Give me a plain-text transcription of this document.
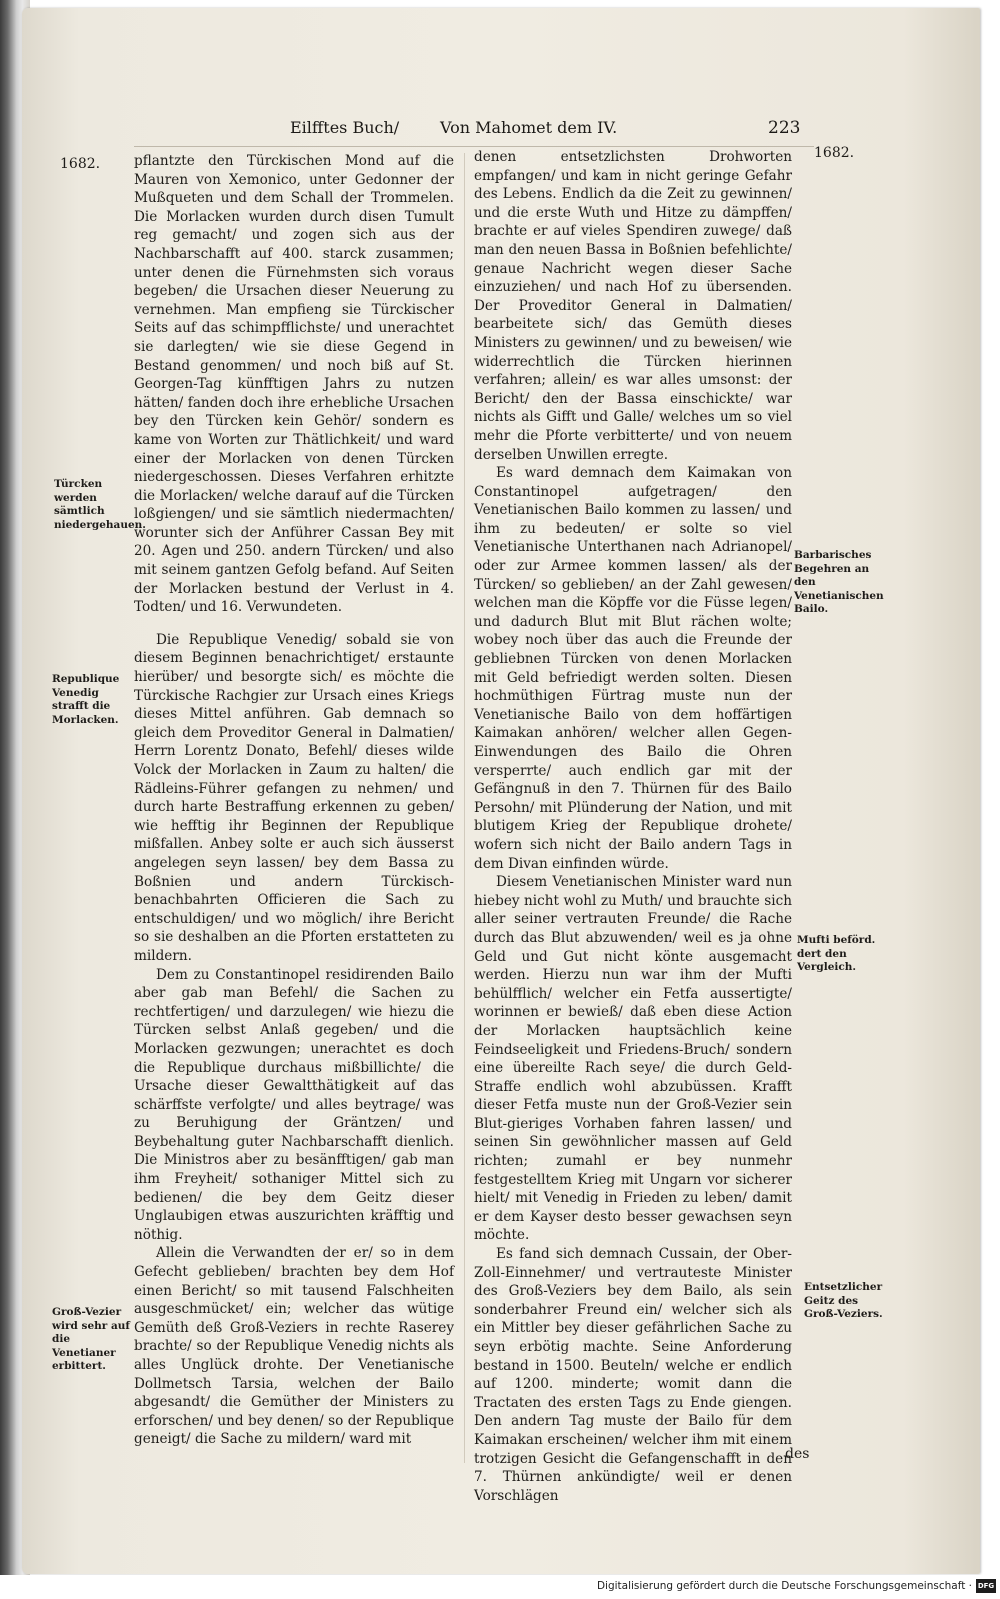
Eilfftes Buch/	Von Mahomet dem IV.	223
1682.
1682.

pflantzte den Türckischen Mond auf die Mauren von Xemonico, unter Gedonner der Mußqueten und dem Schall der Trommelen. Die Morlacken wurden durch disen Tumult reg gemacht/ und zogen sich aus der Nachbarschafft auf 400. starck zusammen; unter denen die Fürnehmsten sich voraus begeben/ die Ursachen dieser Neuerung zu vernehmen. Man empfieng sie Türckischer Seits auf das schimpfflichste/ und unerachtet sie darlegten/ wie sie diese Gegend in Bestand genommen/ und noch biß auf St. Georgen-Tag künfftigen Jahrs zu nutzen hätten/ fanden doch ihre erhebliche Ursachen bey den Türcken kein Gehör/ sondern es kame von Worten zur Thätlichkeit/ und ward einer der Morlacken von denen Türcken niedergeschossen. Dieses Verfahren erhitzte die Morlacken/ welche darauf auf die Türcken loßgiengen/ und sie sämtlich niedermachten/ worunter sich der Anführer Cassan Bey mit 20. Agen und 250. andern Türcken/ und also mit seinem gantzen Gefolg befand. Auf Seiten der Morlacken bestund der Verlust in 4. Todten/ und 16. Verwundeten.

Die Republique Venedig/ sobald sie von diesem Beginnen benachrichtiget/ erstaunte hierüber/ und besorgte sich/ es möchte die Türckische Rachgier zur Ursach eines Kriegs dieses Mittel anführen. Gab demnach so gleich dem Proveditor General in Dalmatien/ Herrn Lorentz Donato, Befehl/ dieses wilde Volck der Morlacken in Zaum zu halten/ die Rädleins-Führer gefangen zu nehmen/ und durch harte Bestraffung erkennen zu geben/ wie hefftig ihr Beginnen der Republique mißfallen. Anbey solte er auch sich äusserst angelegen seyn lassen/ bey dem Bassa zu Boßnien und andern Türckisch-benachbahrten Officieren die Sach zu entschuldigen/ und wo möglich/ ihre Bericht so sie deshalben an die Pforten erstatteten zu mildern.

Dem zu Constantinopel residirenden Bailo aber gab man Befehl/ die Sachen zu rechtfertigen/ und darzulegen/ wie hiezu die Türcken selbst Anlaß gegeben/ und die Morlacken gezwungen; unerachtet es doch die Republique durchaus mißbillichte/ die Ursache dieser Gewaltthätigkeit auf das schärffste verfolgte/ und alles beytrage/ was zu Beruhigung der Gräntzen/ und Beybehaltung guter Nachbarschafft dienlich. Die Ministros aber zu besänfftigen/ gab man ihm Freyheit/ sothaniger Mittel sich zu bedienen/ die bey dem Geitz dieser Unglaubigen etwas auszurichten kräfftig und nöthig.

Allein die Verwandten der er/ so in dem Gefecht geblieben/ brachten bey dem Hof einen Bericht/ so mit tausend Falschheiten ausgeschmücket/ ein; welcher das wütige Gemüth deß Groß-Veziers in rechte Raserey brachte/ so der Republique Venedig nichts als alles Unglück drohte. Der Venetianische Dollmetsch Tarsia, welchen der Bailo abgesandt/ die Gemüther der Ministers zu erforschen/ und bey denen/ so der Republique geneigt/ die Sache zu mildern/ ward mit

denen entsetzlichsten Drohworten empfangen/ und kam in nicht geringe Gefahr des Lebens. Endlich da die Zeit zu gewinnen/ und die erste Wuth und Hitze zu dämpffen/ brachte er auf vieles Spendiren zuwege/ daß man den neuen Bassa in Boßnien befehlichte/ genaue Nachricht wegen dieser Sache einzuziehen/ und nach Hof zu übersenden. Der Proveditor General in Dalmatien/ bearbeitete sich/ das Gemüth dieses Ministers zu gewinnen/ und zu beweisen/ wie widerrechtlich die Türcken hierinnen verfahren; allein/ es war alles umsonst: der Bericht/ den der Bassa einschickte/ war nichts als Gifft und Galle/ welches um so viel mehr die Pforte verbitterte/ und von neuem derselben Unwillen erregte.

Es ward demnach dem Kaimakan von Constantinopel aufgetragen/ den Venetianischen Bailo kommen zu lassen/ und ihm zu bedeuten/ er solte so viel Venetianische Unterthanen nach Adrianopel/ oder zur Armee kommen lassen/ als der Türcken/ so geblieben/ an der Zahl gewesen/ welchen man die Köpffe vor die Füsse legen/ und dadurch Blut mit Blut rächen wolte; wobey noch über das auch die Freunde der gebliebnen Türcken von denen Morlacken mit Geld befriedigt werden solten. Diesen hochmüthigen Fürtrag muste nun der Venetianische Bailo von dem hoffärtigen Kaimakan anhören/ welcher allen Gegen-Einwendungen des Bailo die Ohren versperrte/ auch endlich gar mit der Gefängnuß in den 7. Thürnen für des Bailo Persohn/ mit Plünderung der Nation, und mit blutigem Krieg der Republique drohete/ wofern sich nicht der Bailo andern Tags in dem Divan einfinden würde.

Diesem Venetianischen Minister ward nun hiebey nicht wohl zu Muth/ und brauchte sich aller seiner vertrauten Freunde/ die Rache durch das Blut abzuwenden/ weil es ja ohne Geld und Gut nicht könte ausgemacht werden. Hierzu nun war ihm der Mufti behülfflich/ welcher ein Fetfa aussertigte/ worinnen er bewieß/ daß eben diese Action der Morlacken hauptsächlich keine Feindseeligkeit und Friedens-Bruch/ sondern eine übereilte Rach seye/ die durch Geld-Straffe endlich wohl abzubüssen. Krafft dieser Fetfa muste nun der Groß-Vezier sein Blut-gieriges Vorhaben fahren lassen/ und seinen Sin gewöhnlicher massen auf Geld richten; zumahl er bey nunmehr festgestelltem Krieg mit Ungarn vor sicherer hielt/ mit Venedig in Frieden zu leben/ damit er dem Kayser desto besser gewachsen seyn möchte.

Es fand sich demnach Cussain, der Ober-Zoll-Einnehmer/ und vertrauteste Minister des Groß-Veziers bey dem Bailo, als sein sonderbahrer Freund ein/ welcher sich als ein Mittler bey dieser gefährlichen Sache zu seyn erbötig machte. Seine Anforderung bestand in 1500. Beuteln/ welche er endlich auf 1200. minderte; womit dann die Tractaten des ersten Tags zu Ende giengen. Den andern Tag muste der Bailo für dem Kaimakan erscheinen/ welcher ihm mit einem trotzigen Gesicht die Gefangenschafft in den 7. Thürnen ankündigte/ weil er denen Vorschlägen

des
Türcken werden sämtlich niedergehauen.
Republique Venedig strafft die Morlacken.
Groß-Vezier wird sehr auf die Venetianer erbittert.
Barbarisches Begehren an den Venetianischen Bailo.
Mufti beförd. dert den Vergleich.
Entsetzlicher Geitz des Groß-Veziers.
Digitalisierung gefördert durch die Deutsche Forschungsgemeinschaft · DFG
